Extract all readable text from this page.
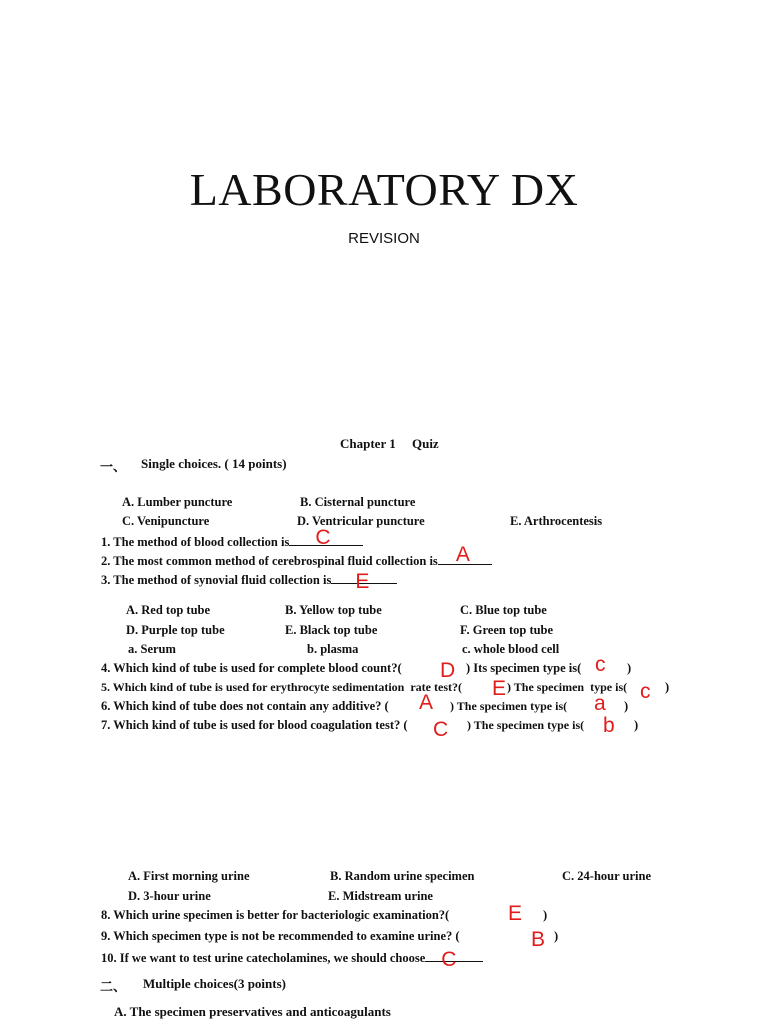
LABORATORY DX
REVISION
Chapter 1     Quiz
一、 Single choices. ( 14 points)
A. Lumber puncture	B. Cisternal puncture
C. Venipuncture	D. Ventricular puncture	E. Arthrocentesis
1. The method of blood collection is C
2. The most common method of cerebrospinal fluid collection is A
3. The method of synovial fluid collection is E
A. Red top tube	B. Yellow top tube	C. Blue top tube
D. Purple top tube	E. Black top tube	F. Green top tube
a. Serum	b. plasma	c. whole blood cell
4. Which kind of tube is used for complete blood count?( D ) Its specimen type is( c )
5. Which kind of tube is used for erythrocyte sedimentation  rate test?( E ) The specimen  type is( c )
6. Which kind of tube does not contain any additive? ( A ) The specimen type is( a )
7. Which kind of tube is used for blood coagulation test? ( C ) The specimen type is( b )
A. First morning urine	B. Random urine specimen	C. 24-hour urine
D. 3-hour urine	E. Midstream urine
8. Which urine specimen is better for bacteriologic examination?(	E )
9. Which specimen type is not be recommended to examine urine? (	B )
10. If we want to test urine catecholamines, we should choose C
二、 Multiple choices(3 points)
A. The specimen preservatives and anticoagulants
